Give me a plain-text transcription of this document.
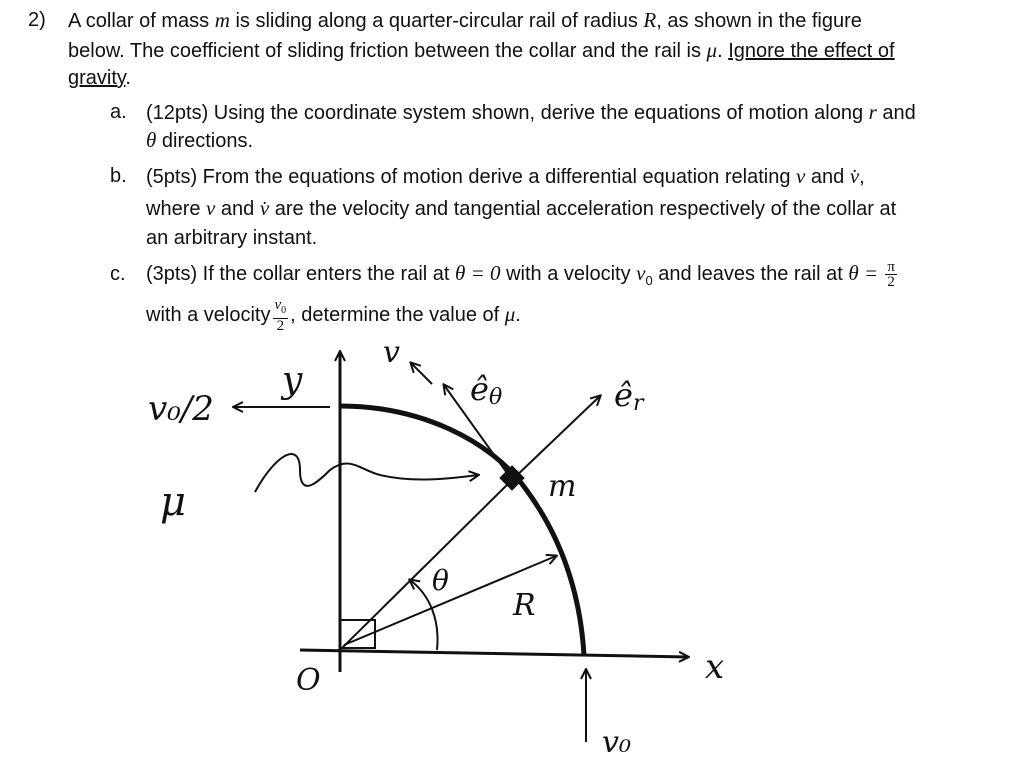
2) A collar of mass m is sliding along a quarter-circular rail of radius R, as shown in the figure
below. The coefficient of sliding friction between the collar and the rail is μ. Ignore the effect of
gravity.
a. (12pts) Using the coordinate system shown, derive the equations of motion along r and
θ directions.
b. (5pts) From the equations of motion derive a differential equation relating v and v̇,
where v and v̇ are the velocity and tangential acceleration respectively of the collar at
an arbitrary instant.
c. (3pts) If the collar enters the rail at θ = 0 with a velocity $v_0$ and leaves the rail at $\theta = \frac{\pi}{2}$
with a velocity $\frac{v_0}{2}$ , determine the value of μ.
y
x
O
v
êθ	êr
m
θ
R
v₀
v₀/2
μ
